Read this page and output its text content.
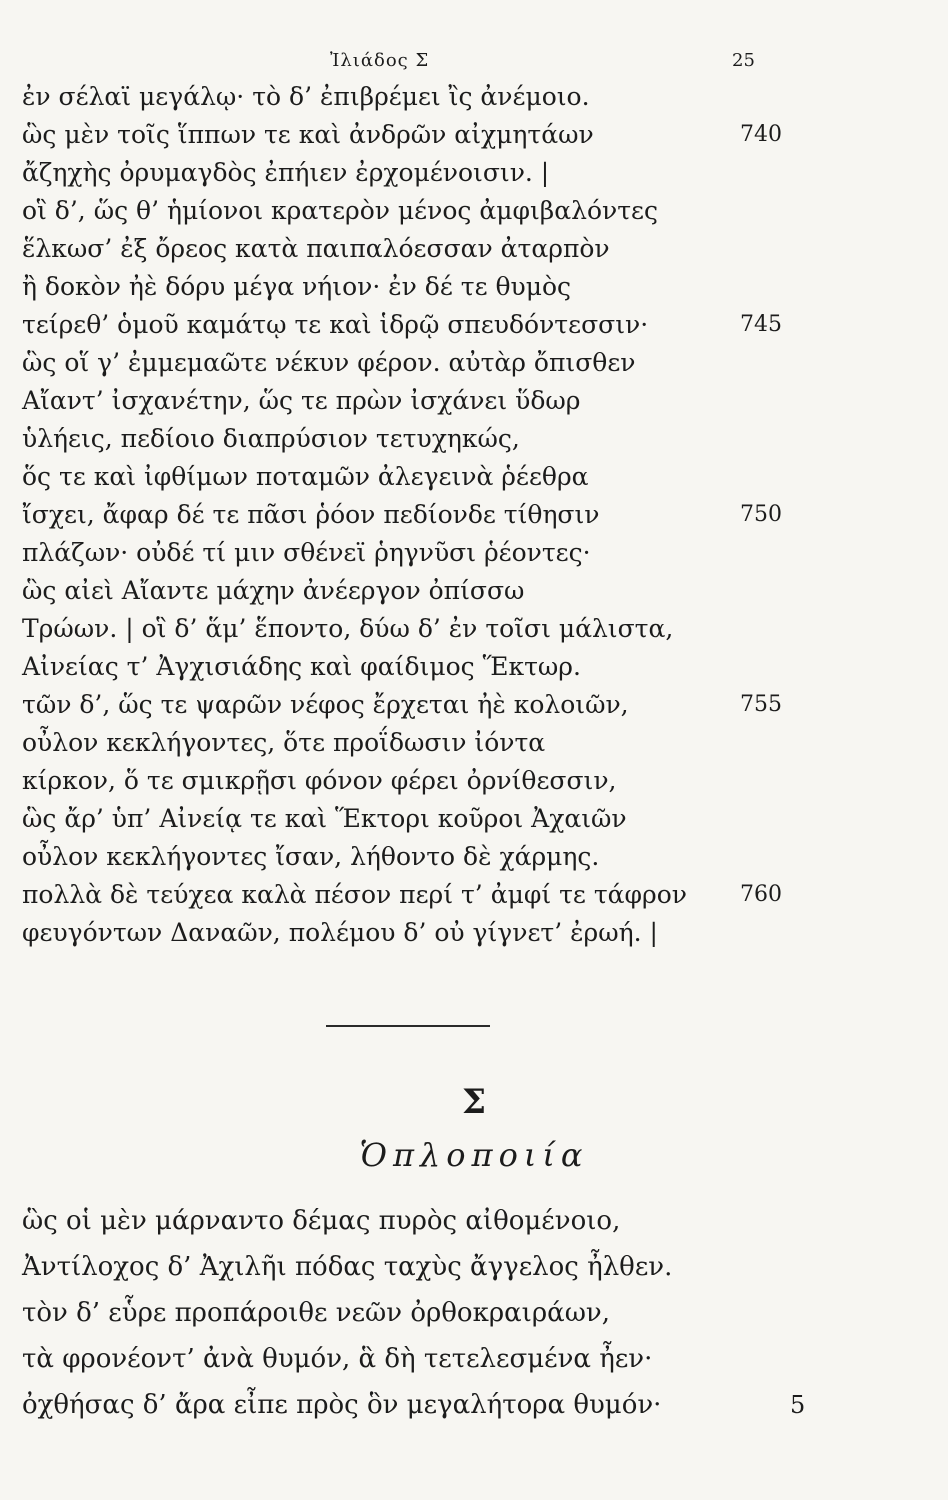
Ἰλιάδος Σ	25
ἐν σέλαϊ μεγάλῳ· τὸ δ’ ἐπιβρέμει ἲς ἀνέμοιο.
ὣς μὲν τοῖς ἵππων τε καὶ ἀνδρῶν αἰχμητάων
ἄζηχὴς ὀρυμαγδὸς ἐπήιεν ἐρχομένοισιν. |
οἳ δ’, ὥς θ’ ἡμίονοι κρατερὸν μένος ἀμφιβαλόντες
ἕλκωσ’ ἐξ ὄρεος κατὰ παιπαλόεσσαν ἀταρπὸν
ἢ δοκὸν ἠὲ δόρυ μέγα νήιον· ἐν δέ τε θυμὸς
τείρεθ’ ὁμοῦ καμάτῳ τε καὶ ἱδρῷ σπευδόντεσσιν·
ὣς οἵ γ’ ἐμμεμαῶτε νέκυν φέρον. αὐτὰρ ὄπισθεν
Αἴαντ’ ἰσχανέτην, ὥς τε πρὼν ἰσχάνει ὕδωρ
ὑλήεις, πεδίοιο διαπρύσιον τετυχηκώς,
ὅς τε καὶ ἰφθίμων ποταμῶν ἀλεγεινὰ ῥέεθρα
ἴσχει, ἄφαρ δέ τε πᾶσι ῥόον πεδίονδε τίθησιν
πλάζων· οὐδέ τί μιν σθένεϊ ῥηγνῦσι ῥέοντες·
ὣς αἰεὶ Αἴαντε μάχην ἀνέεργον ὀπίσσω
Τρώων. | οἳ δ’ ἅμ’ ἕποντο, δύω δ’ ἐν τοῖσι μάλιστα,
Αἰνείας τ’ Ἀγχισιάδης καὶ φαίδιμος Ἕκτωρ.
τῶν δ’, ὥς τε ψαρῶν νέφος ἔρχεται ἠὲ κολοιῶν,
οὖλον κεκλήγοντες, ὅτε προΐδωσιν ἰόντα
κίρκον, ὅ τε σμικρῇσι φόνον φέρει ὀρνίθεσσιν,
ὣς ἄρ’ ὑπ’ Αἰνείᾳ τε καὶ Ἕκτορι κοῦροι Ἀχαιῶν
οὖλον κεκλήγοντες ἴσαν, λήθοντο δὲ χάρμης.
πολλὰ δὲ τεύχεα καλὰ πέσον περί τ’ ἀμφί τε τάφρον
φευγόντων Δαναῶν, πολέμου δ’ οὐ γίγνετ’ ἐρωή. |
740
745
750
755
760
Σ
Ὁπλοποιία
ὣς οἱ μὲν μάρναντο δέμας πυρὸς αἰθομένοιο,
Ἀντίλοχος δ’ Ἀχιλῆι πόδας ταχὺς ἄγγελος ἦλθεν.
τὸν δ’ εὗρε προπάροιθε νεῶν ὀρθοκραιράων,
τὰ φρονέοντ’ ἀνὰ θυμόν, ἃ δὴ τετελεσμένα ἦεν·
ὀχθήσας δ’ ἄρα εἶπε πρὸς ὃν μεγαλήτορα θυμόν·	5
